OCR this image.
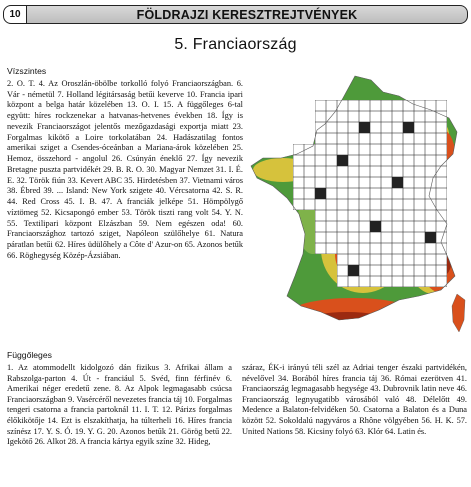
10	FÖLDRAJZI KERESZTREJTVÉNYEK
5. Franciaország
Vízszintes
2. O. T. 4. Az Oroszlán-öbölbe torkolló folyó Franciaországban. 6. Vár - németül 7. Holland légitársaság betűi keverve 10. Francia ipari központ a belga határ közelében 13. O. I. 15. A függőleges 6-tal együtt: híres rockzenekar a hatvanas-hetvenes években 18. Így is nevezik Franciaországot jelentős mezőgazdasági exportja miatt 23. Forgalmas kikötő a Loire torkolatában 24. Hadászatilag fontos amerikai sziget a Csendes-óceánban a Mariana-árok közelében 25. Hemoz, összehord - angolul 26. Csúnyán éneklő 27. Így nevezik Bretagne puszta partvidékét 29. B. R. O. 30. Magyar Nemzet 31. I. É. E. 32. Török fiún 33. Kevert ABC 35. Hirdetésben 37. Vietnami város 38. Ébred 39. ... Island: New York szigete 40. Vércsatorna 42. S. R. 44. Red Cross 45. I. B. 47. A franciák jelképe 51. Hömpölygő víztömeg 52. Kicsapongó ember 53. Török tiszti rang volt 54. Y. N. 55. Textilipari központ Elzászban 59. Nem egészen oda! 60. Franciaországhoz tartozó sziget, Napóleon szülőhelye 61. Natura páratlan betűi 62. Híres üdülőhely a Côte d' Azur-on 65. Azonos betűk 66. Röghegység Közép-Ázsiában.
Függőleges
1. Az atommodellt kidolgozó dán fizikus 3. Afrikai állam a Rabszolga-parton 4. Út - franciául 5. Svéd, finn férfinév 6. Amerikai néger eredetű zene. 8. Az Alpok legmagasabb csúcsa Franciaországban 9. Vasércéről nevezetes francia táj 10. Forgalmas tengeri csatorna a francia partoknál 11. I. T. 12. Párizs forgalmas élőkikötője 14. Ezt is elszakíthatja, ha túlterheli 16. Híres francia színész 17. Y. S. Ó. 19. Y. G. 20. Azonos betűk 21. Görög betű 22. Igekötő 26. Alkot 28. A francia kártya egyik színe 32. Hideg,
száraz, ÉK-i irányú téli szél az Adriai tenger északi partvidékén, névelővel 34. Borából híres francia táj 36. Római ezerötven 41. Franciaország legmagasabb hegysége 43. Dubrovnik latin neve 46. Franciaország legnyugatibb városából való 48. Délelőtt 49. Medence a Balaton-felvidéken 50. Csatorna a Balaton és a Duna között 52. Sokoldalú nagyváros a Rhône völgyében 56. H. K. 57. United Nations 58. Kicsiny folyó 63. Klór 64. Latin és.
